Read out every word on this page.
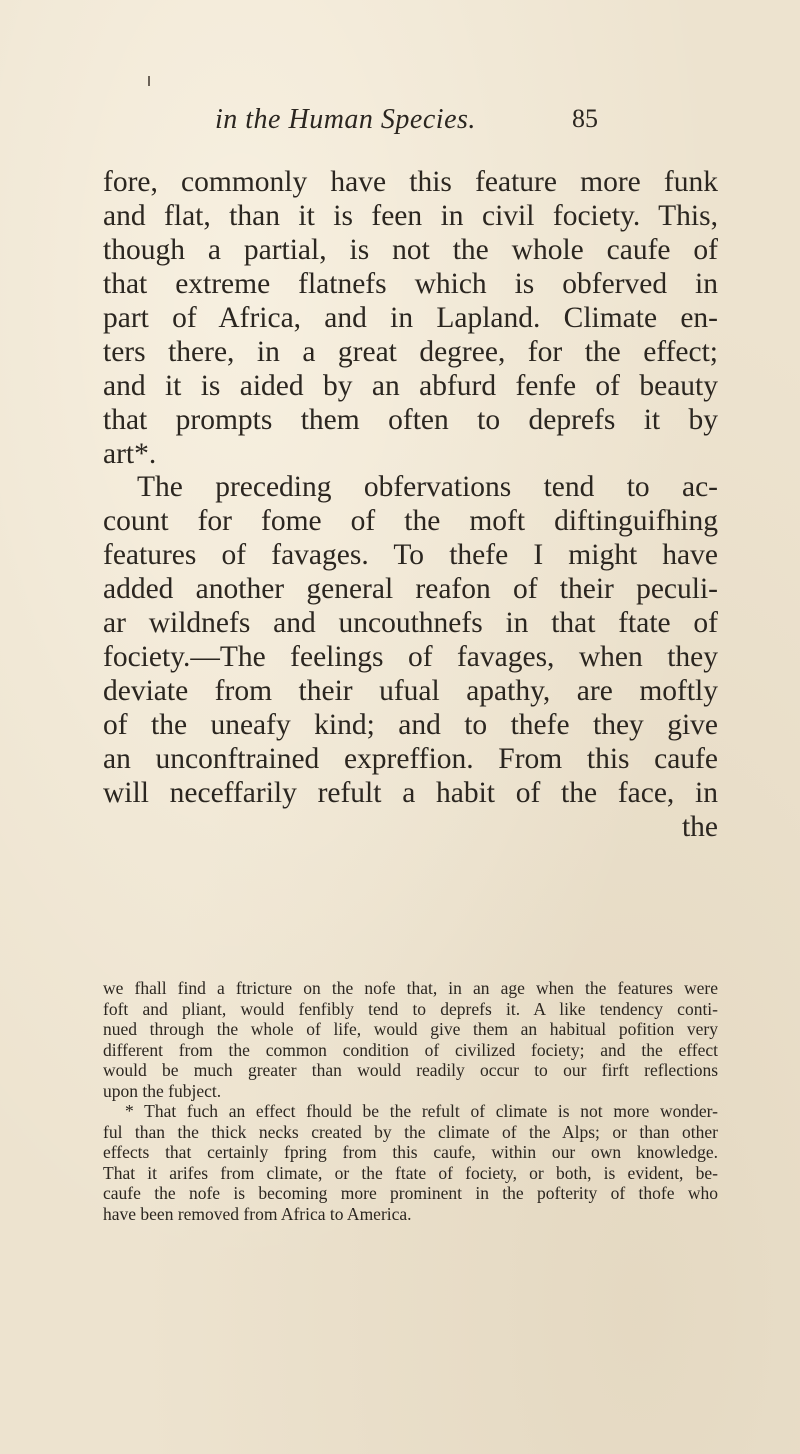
in the Human Species.	85
fore, commonly have this feature more funk
and flat, than it is feen in civil fociety. This,
though a partial, is not the whole caufe of
that extreme flatnefs which is obferved in
part of Africa, and in Lapland. Climate en-
ters there, in a great degree, for the effect;
and it is aided by an abfurd fenfe of beauty
that prompts them often to deprefs it by
art*.
The preceding obfervations tend to ac-
count for fome of the moft diftinguifhing
features of favages. To thefe I might have
added another general reafon of their peculi-
ar wildnefs and uncouthnefs in that ftate of
fociety.—The feelings of favages, when they
deviate from their ufual apathy, are moftly
of the uneafy kind; and to thefe they give
an unconftrained expreffion. From this caufe
will neceffarily refult a habit of the face, in
the
we fhall find a ftricture on the nofe that, in an age when the features were
foft and pliant, would fenfibly tend to deprefs it. A like tendency conti-
nued through the whole of life, would give them an habitual pofition very
different from the common condition of civilized fociety; and the effect
would be much greater than would readily occur to our firft reflections
upon the fubject.
* That fuch an effect fhould be the refult of climate is not more wonder-
ful than the thick necks created by the climate of the Alps; or than other
effects that certainly fpring from this caufe, within our own knowledge.
That it arifes from climate, or the ftate of fociety, or both, is evident, be-
caufe the nofe is becoming more prominent in the pofterity of thofe who
have been removed from Africa to America.
